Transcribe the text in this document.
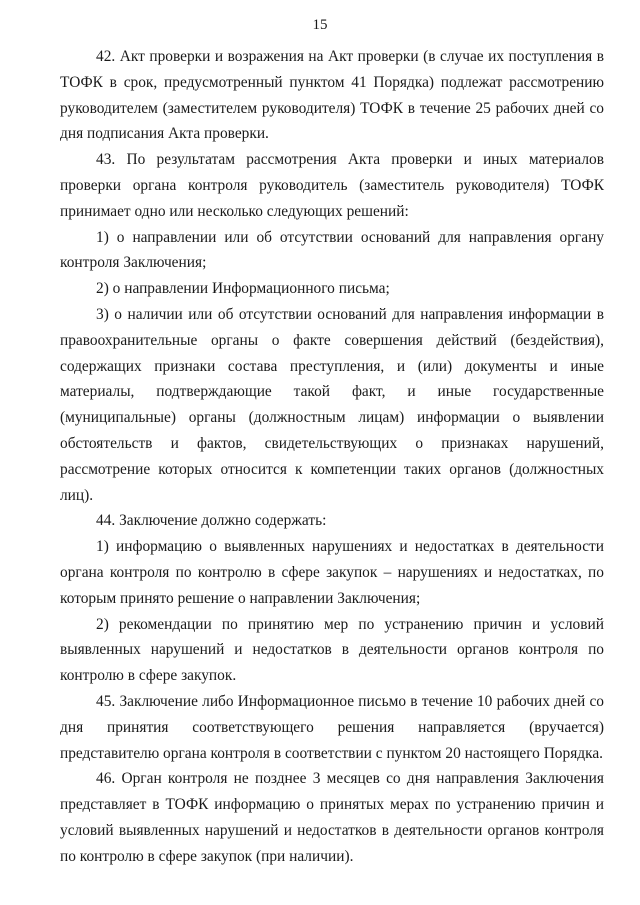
15

42. Акт проверки и возражения на Акт проверки (в случае их поступления в ТОФК в срок, предусмотренный пунктом 41 Порядка) подлежат рассмотрению руководителем (заместителем руководителя) ТОФК в течение 25 рабочих дней со дня подписания Акта проверки.

43. По результатам рассмотрения Акта проверки и иных материалов проверки органа контроля руководитель (заместитель руководителя) ТОФК принимает одно или несколько следующих решений:

1) о направлении или об отсутствии оснований для направления органу контроля Заключения;

2) о направлении Информационного письма;

3) о наличии или об отсутствии оснований для направления информации в правоохранительные органы о факте совершения действий (бездействия), содержащих признаки состава преступления, и (или) документы и иные материалы, подтверждающие такой факт, и иные государственные (муниципальные) органы (должностным лицам) информации о выявлении обстоятельств и фактов, свидетельствующих о признаках нарушений, рассмотрение которых относится к компетенции таких органов (должностных лиц).

44. Заключение должно содержать:

1) информацию о выявленных нарушениях и недостатках в деятельности органа контроля по контролю в сфере закупок – нарушениях и недостатках, по которым принято решение о направлении Заключения;

2) рекомендации по принятию мер по устранению причин и условий выявленных нарушений и недостатков в деятельности органов контроля по контролю в сфере закупок.

45. Заключение либо Информационное письмо в течение 10 рабочих дней со дня принятия соответствующего решения направляется (вручается) представителю органа контроля в соответствии с пунктом 20 настоящего Порядка.

46. Орган контроля не позднее 3 месяцев со дня направления Заключения представляет в ТОФК информацию о принятых мерах по устранению причин и условий выявленных нарушений и недостатков в деятельности органов контроля по контролю в сфере закупок (при наличии).
